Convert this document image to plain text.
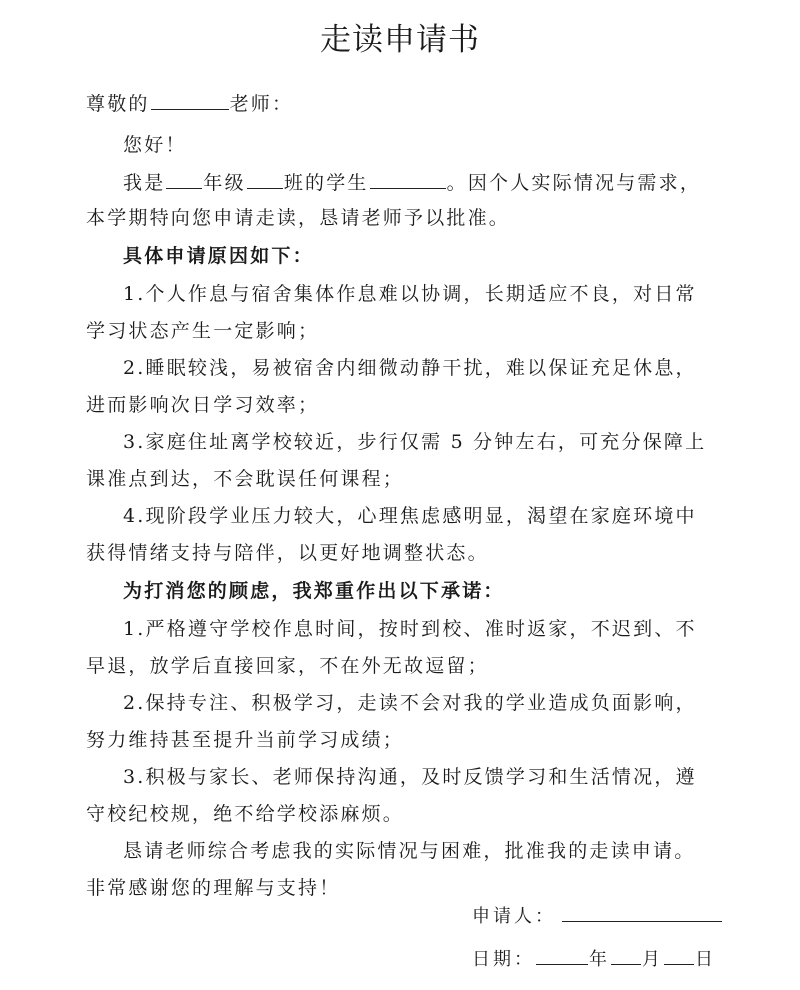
走读申请书
尊敬的	老师：
您好！
我是 年级 班的学生	。因个人实际情况与需求，
本学期特向您申请走读，恳请老师予以批准。
具体申请原因如下：
1.个人作息与宿舍集体作息难以协调，长期适应不良，对日常
学习状态产生一定影响；
2.睡眠较浅，易被宿舍内细微动静干扰，难以保证充足休息，
进而影响次日学习效率；
3.家庭住址离学校较近，步行仅需 5 分钟左右，可充分保障上
课准点到达，不会耽误任何课程；
4.现阶段学业压力较大，心理焦虑感明显，渴望在家庭环境中
获得情绪支持与陪伴，以更好地调整状态。
为打消您的顾虑，我郑重作出以下承诺：
1.严格遵守学校作息时间，按时到校、准时返家，不迟到、不
早退，放学后直接回家，不在外无故逗留；
2.保持专注、积极学习，走读不会对我的学业造成负面影响，
努力维持甚至提升当前学习成绩；
3.积极与家长、老师保持沟通，及时反馈学习和生活情况，遵
守校纪校规，绝不给学校添麻烦。
恳请老师综合考虑我的实际情况与困难，批准我的走读申请。
非常感谢您的理解与支持！
申请人：
日期：	年 月 日
